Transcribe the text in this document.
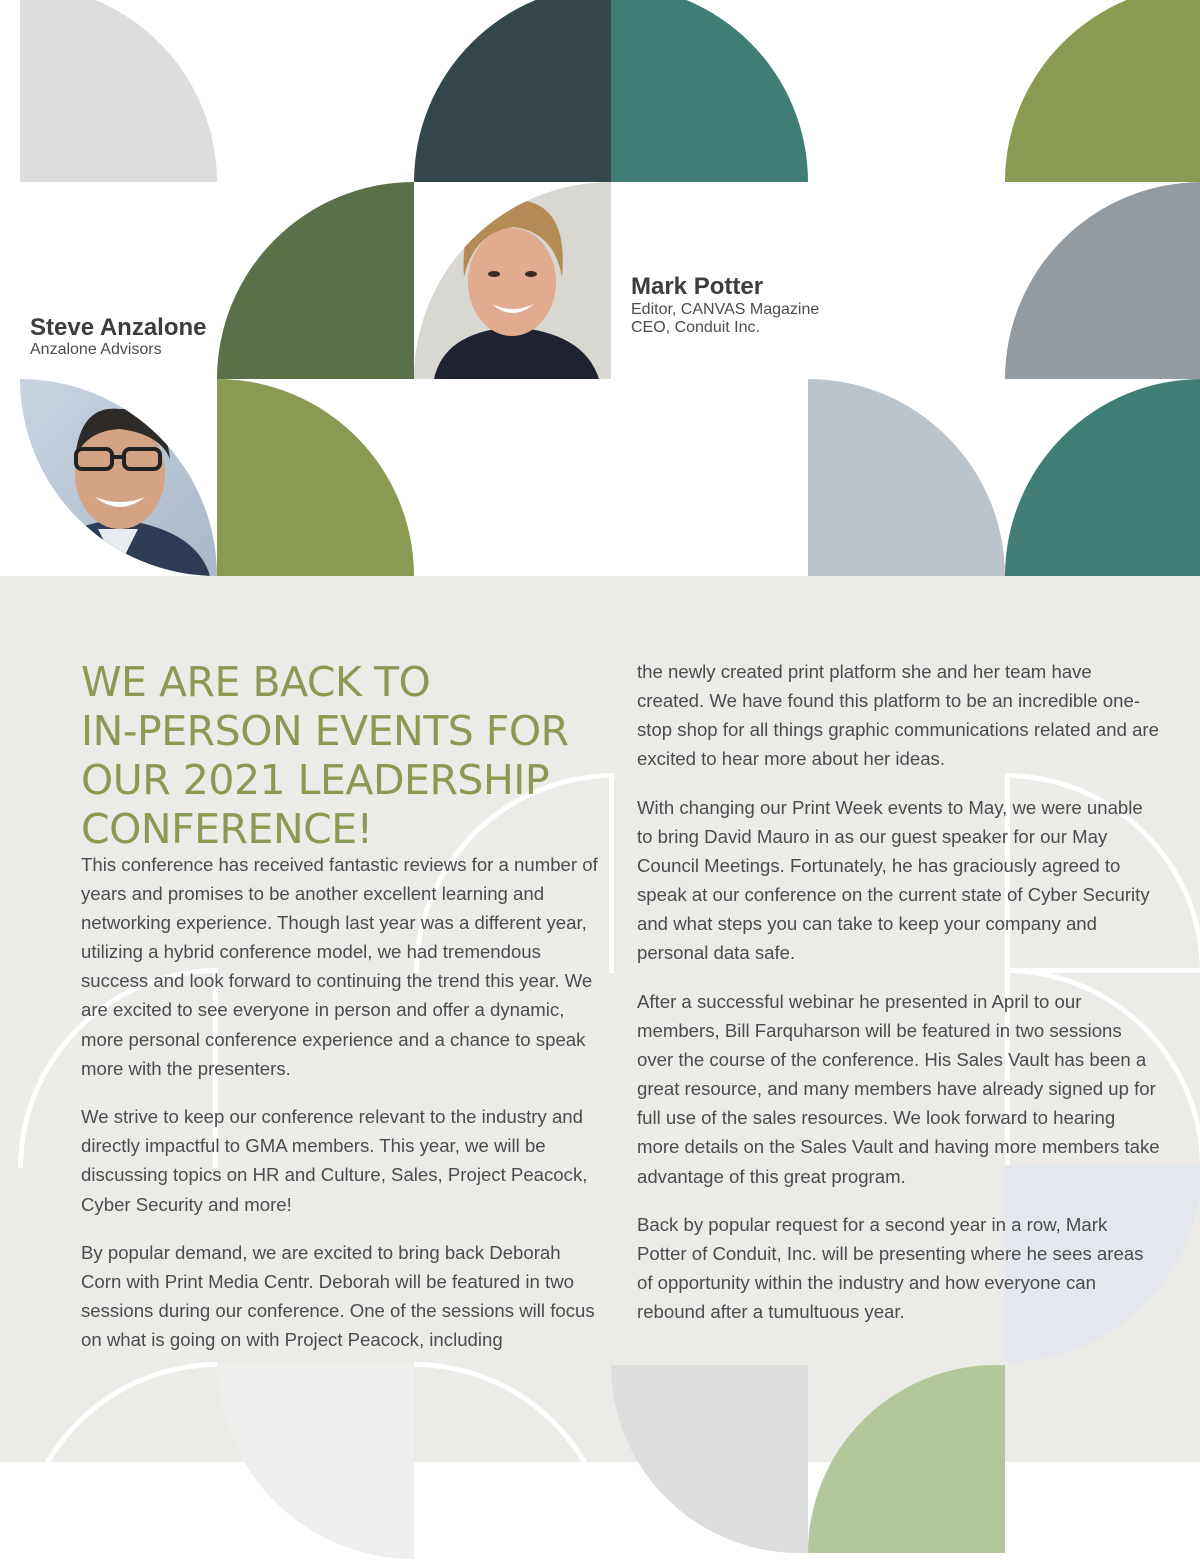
Steve Anzalone
Anzalone Advisors
Mark Potter
Editor, CANVAS Magazine
CEO, Conduit Inc.
WE ARE BACK TO
IN-PERSON EVENTS FOR
OUR 2021 LEADERSHIP
CONFERENCE!

This conference has received fantastic reviews for a number of years and promises to be another excellent learning and networking experience. Though last year was a different year, utilizing a hybrid conference model, we had tremendous success and look forward to continuing the trend this year. We are excited to see everyone in person and offer a dynamic, more personal conference experience and a chance to speak more with the presenters.

We strive to keep our conference relevant to the industry and directly impactful to GMA members. This year, we will be discussing topics on HR and Culture, Sales, Project Peacock, Cyber Security and more!

By popular demand, we are excited to bring back Deborah Corn with Print Media Centr. Deborah will be featured in two sessions during our conference. One of the sessions will focus on what is going on with Project Peacock, including

the newly created print platform she and her team have created. We have found this platform to be an incredible one-stop shop for all things graphic communications related and are excited to hear more about her ideas.

With changing our Print Week events to May, we were unable to bring David Mauro in as our guest speaker for our May Council Meetings. Fortunately, he has graciously agreed to speak at our conference on the current state of Cyber Security and what steps you can take to keep your company and personal data safe.

After a successful webinar he presented in April to our members, Bill Farquharson will be featured in two sessions over the course of the conference. His Sales Vault has been a great resource, and many members have already signed up for full use of the sales resources. We look forward to hearing more details on the Sales Vault and having more members take advantage of this great program.

Back by popular request for a second year in a row, Mark Potter of Conduit, Inc. will be presenting where he sees areas of opportunity within the industry and how everyone can rebound after a tumultuous year.
